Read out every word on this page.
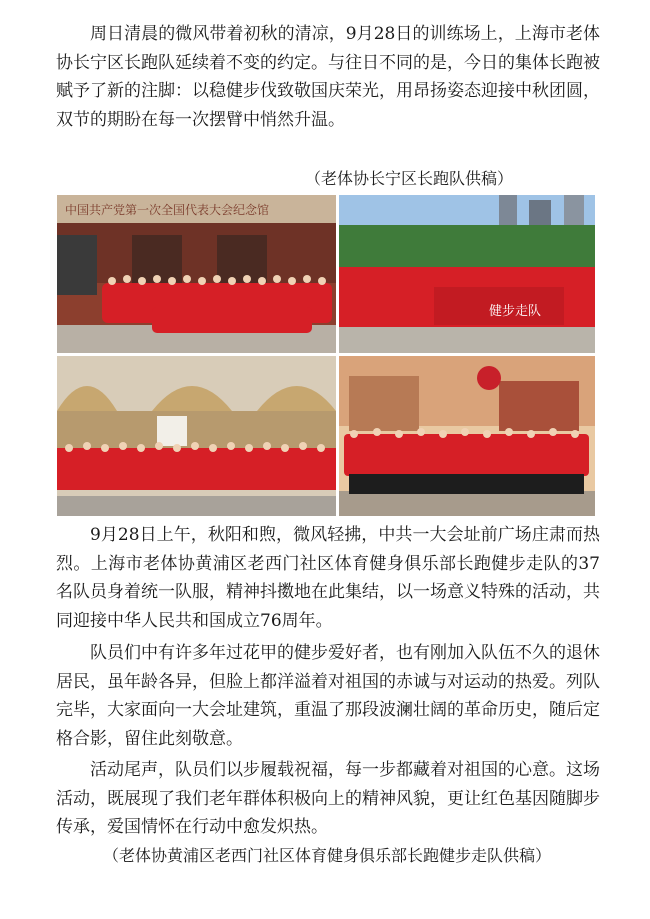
周日清晨的微风带着初秋的清凉，9月28日的训练场上，上海市老体协长宁区长跑队延续着不变的约定。与往日不同的是，今日的集体长跑被赋予了新的注脚：以稳健步伐致敬国庆荣光，用昂扬姿态迎接中秋团圆，双节的期盼在每一次摆臂中悄然升温。

（老体协长宁区长跑队供稿）
中国共产党第一次全国代表大会纪念馆
健步走队

9月28日上午，秋阳和煦，微风轻拂，中共一大会址前广场庄肃而热烈。上海市老体协黄浦区老西门社区体育健身俱乐部长跑健步走队的37名队员身着统一队服，精神抖擞地在此集结，以一场意义特殊的活动，共同迎接中华人民共和国成立76周年。

队员们中有许多年过花甲的健步爱好者，也有刚加入队伍不久的退休居民，虽年龄各异，但脸上都洋溢着对祖国的赤诚与对运动的热爱。列队完毕，大家面向一大会址建筑，重温了那段波澜壮阔的革命历史，随后定格合影，留住此刻敬意。

活动尾声，队员们以步履载祝福，每一步都藏着对祖国的心意。这场活动，既展现了我们老年群体积极向上的精神风貌，更让红色基因随脚步传承，爱国情怀在行动中愈发炽热。

（老体协黄浦区老西门社区体育健身俱乐部长跑健步走队供稿）
